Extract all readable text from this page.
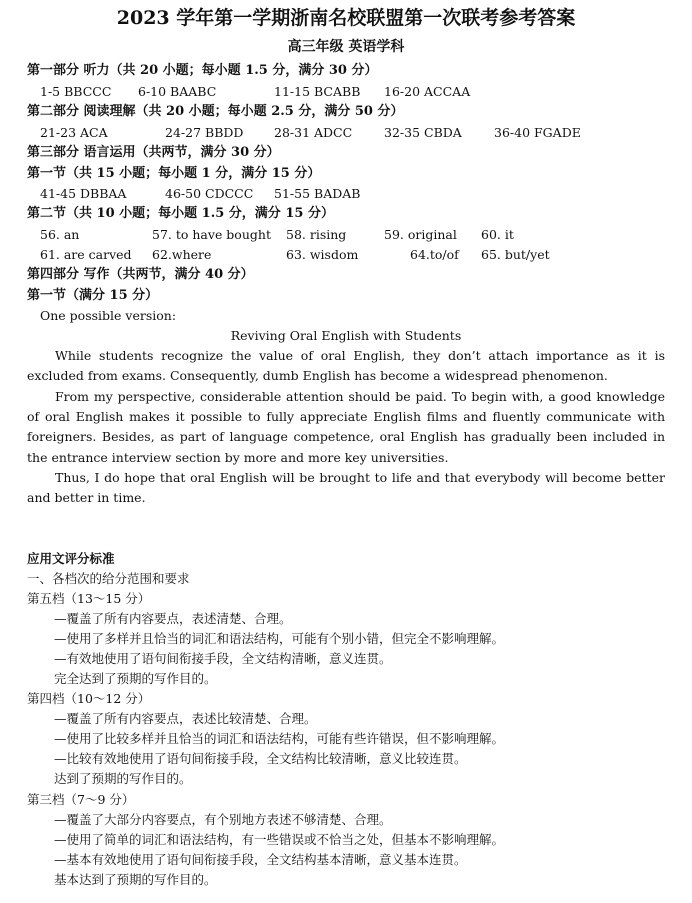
2023 学年第一学期浙南名校联盟第一次联考参考答案
高三年级 英语学科
第一部分 听力（共 20 小题；每小题 1.5 分，满分 30 分）
1-5 BBCCC 6-10 BAABC	11-15 BCABB 16-20 ACCAA
第二部分 阅读理解（共 20 小题；每小题 2.5 分，满分 50 分）
21-23 ACA	24-27 BBDD 28-31 ADCC	32-35 CBDA	36-40 FGADE
第三部分 语言运用（共两节，满分 30 分）
第一节（共 15 小题；每小题 1 分，满分 15 分）
41-45 DBBAA	46-50 CDCCC 51-55 BADAB
第二节（共 10 小题；每小题 1.5 分，满分 15 分）
56. an	57. to have bought 58. rising	59. original 60. it
61. are carved 62.where	63. wisdom	64.to/of 65. but/yet
第四部分 写作（共两节，满分 40 分）
第一节（满分 15 分）
One possible version:
Reviving Oral English with Students
While students recognize the value of oral English, they don’t attach importance as it is excluded from exams. Consequently, dumb English has become a widespread phenomenon.
From my perspective, considerable attention should be paid. To begin with, a good knowledge of oral English makes it possible to fully appreciate English films and fluently communicate with foreigners. Besides, as part of language competence, oral English has gradually been included in the entrance interview section by more and more key universities.
Thus, I do hope that oral English will be brought to life and that everybody will become better and better in time.
应用文评分标准
一、各档次的给分范围和要求
第五档（13～15 分）
—覆盖了所有内容要点，表述清楚、合理。
—使用了多样并且恰当的词汇和语法结构，可能有个别小错，但完全不影响理解。
—有效地使用了语句间衔接手段，全文结构清晰，意义连贯。
完全达到了预期的写作目的。
第四档（10～12 分）
—覆盖了所有内容要点，表述比较清楚、合理。
—使用了比较多样并且恰当的词汇和语法结构，可能有些许错误，但不影响理解。
—比较有效地使用了语句间衔接手段，全文结构比较清晰，意义比较连贯。
达到了预期的写作目的。
第三档（7～9 分）
—覆盖了大部分内容要点，有个别地方表述不够清楚、合理。
—使用了简单的词汇和语法结构，有一些错误或不恰当之处，但基本不影响理解。
—基本有效地使用了语句间衔接手段，全文结构基本清晰，意义基本连贯。
基本达到了预期的写作目的。
